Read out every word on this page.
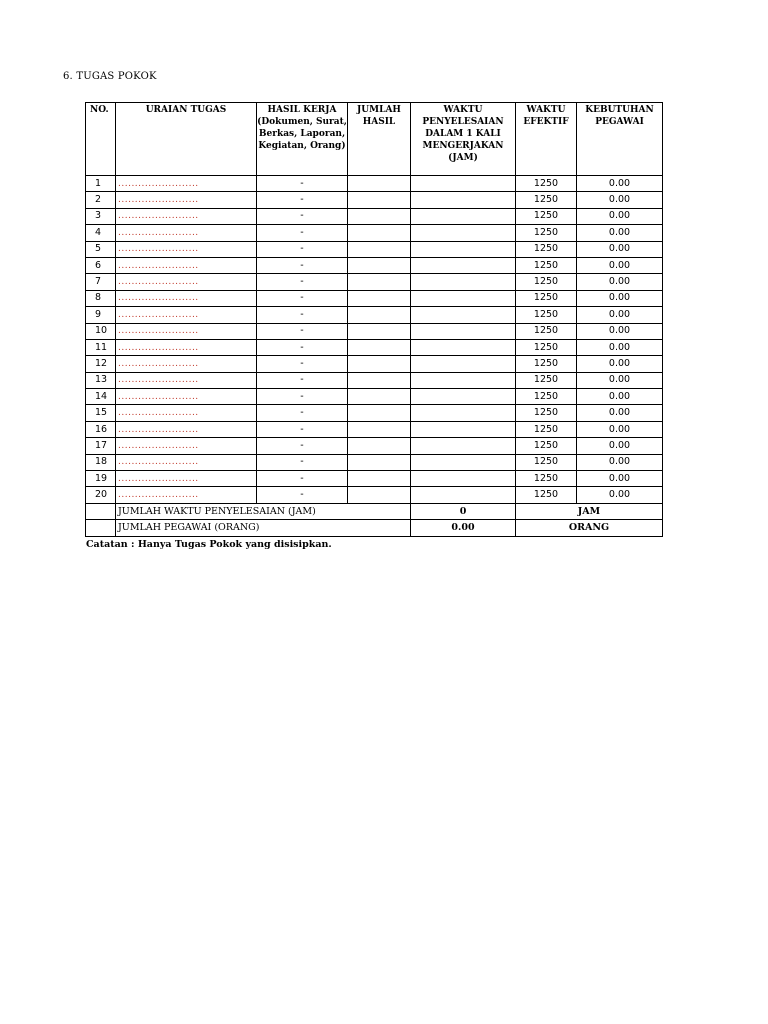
6. TUGAS POKOK
NO.	URAIAN TUGAS	HASIL KERJA (Dokumen, Surat, Berkas, Laporan, Kegiatan, Orang)	JUMLAH HASIL	WAKTU PENYELESAIAN DALAM 1 KALI MENGERJAKAN (JAM)	WAKTU EFEKTIF	KEBUTUHAN PEGAWAI
1	........................	-			1250	0.00
2	........................	-			1250	0.00
3	........................	-			1250	0.00
4	........................	-			1250	0.00
5	........................	-			1250	0.00
6	........................	-			1250	0.00
7	........................	-			1250	0.00
8	........................	-			1250	0.00
9	........................	-			1250	0.00
10	........................	-			1250	0.00
11	........................	-			1250	0.00
12	........................	-			1250	0.00
13	........................	-			1250	0.00
14	........................	-			1250	0.00
15	........................	-			1250	0.00
16	........................	-			1250	0.00
17	........................	-			1250	0.00
18	........................	-			1250	0.00
19	........................	-			1250	0.00
20	........................	-			1250	0.00
	JUMLAH WAKTU PENYELESAIAN (JAM)			0	JAM	
	JUMLAH PEGAWAI (ORANG)			0.00	ORANG	
Catatan : Hanya Tugas Pokok yang disisipkan.
